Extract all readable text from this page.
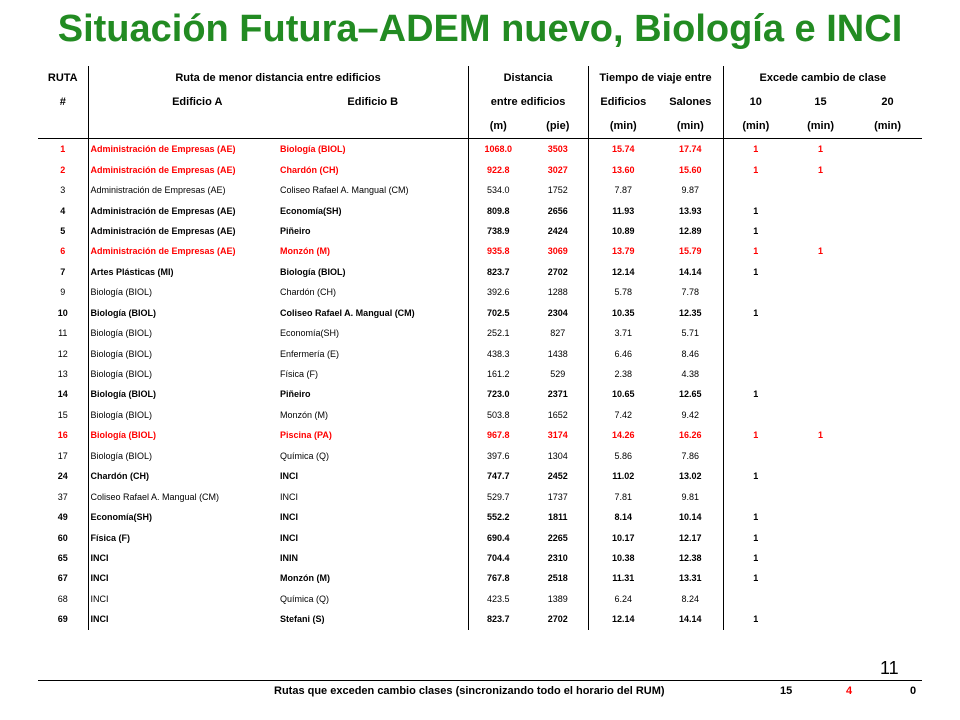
Situación Futura–ADEM nuevo, Biología e INCI
RUTA	Ruta de menor distancia entre edificios		Distancia		Tiempo de viaje entre		Excede cambio de clase		
#	Edificio A	Edificio B	entre edificios		Edificios	Salones	10	15	20
			(m)	(pie)	(min)	(min)	(min)	(min)	(min)
1	Administración de Empresas (AE)	Biología (BIOL)	1068.0	3503	15.74	17.74	1	1	
2	Administración de Empresas (AE)	Chardón (CH)	922.8	3027	13.60	15.60	1	1	
3	Administración de Empresas (AE)	Coliseo Rafael A. Mangual (CM)	534.0	1752	7.87	9.87			
4	Administración de Empresas (AE)	Economía(SH)	809.8	2656	11.93	13.93	1		
5	Administración de Empresas (AE)	Piñeiro	738.9	2424	10.89	12.89	1		
6	Administración de Empresas (AE)	Monzón (M)	935.8	3069	13.79	15.79	1	1	
7	Artes Plásticas (MI)	Biología (BIOL)	823.7	2702	12.14	14.14	1		
9	Biología (BIOL)	Chardón (CH)	392.6	1288	5.78	7.78			
10	Biología (BIOL)	Coliseo Rafael A. Mangual (CM)	702.5	2304	10.35	12.35	1		
11	Biología (BIOL)	Economía(SH)	252.1	827	3.71	5.71			
12	Biología (BIOL)	Enfermería (E)	438.3	1438	6.46	8.46			
13	Biología (BIOL)	Física (F)	161.2	529	2.38	4.38			
14	Biología (BIOL)	Piñeiro	723.0	2371	10.65	12.65	1		
15	Biología (BIOL)	Monzón (M)	503.8	1652	7.42	9.42			
16	Biología (BIOL)	Piscina (PA)	967.8	3174	14.26	16.26	1	1	
17	Biología (BIOL)	Química (Q)	397.6	1304	5.86	7.86			
24	Chardón (CH)	INCI	747.7	2452	11.02	13.02	1		
37	Coliseo Rafael A. Mangual (CM)	INCI	529.7	1737	7.81	9.81			
49	Economía(SH)	INCI	552.2	1811	8.14	10.14	1		
60	Física (F)	INCI	690.4	2265	10.17	12.17	1		
65	INCI	ININ	704.4	2310	10.38	12.38	1		
67	INCI	Monzón (M)	767.8	2518	11.31	13.31	1		
68	INCI	Química (Q)	423.5	1389	6.24	8.24			
69	INCI	Stefani (S)	823.7	2702	12.14	14.14	1		
11
Rutas que exceden cambio clases (sincronizando todo el horario del RUM)	15	4	0
